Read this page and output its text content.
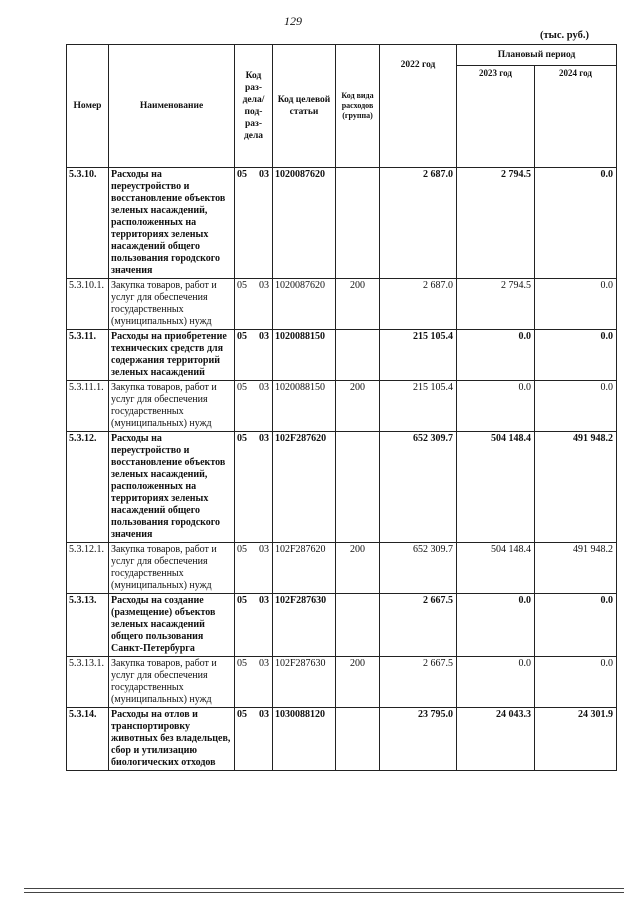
129
(тыс. руб.)
Номер	Наименование	Код раз-дела/ под-раз-дела	Код целевой статьи	Код вида расходов (группа)	2022 год	Плановый период	
						2023 год	2024 год
5.3.10.	Расходы на переустройство и восстановление объектов зеленых насаждений, расположенных на территориях зеленых насаждений общего пользования городского значения	05 03	1020087620		2 687.0	2 794.5	0.0
5.3.10.1.	Закупка товаров, работ и услуг для обеспечения государственных (муниципальных) нужд	05 03	1020087620	200	2 687.0	2 794.5	0.0
5.3.11.	Расходы на приобретение технических средств для содержания территорий зеленых насаждений	05 03	1020088150		215 105.4	0.0	0.0
5.3.11.1.	Закупка товаров, работ и услуг для обеспечения государственных (муниципальных) нужд	05 03	1020088150	200	215 105.4	0.0	0.0
5.3.12.	Расходы на переустройство и восстановление объектов зеленых насаждений, расположенных на территориях зеленых насаждений общего пользования городского значения	05 03	102F287620		652 309.7	504 148.4	491 948.2
5.3.12.1.	Закупка товаров, работ и услуг для обеспечения государственных (муниципальных) нужд	05 03	102F287620	200	652 309.7	504 148.4	491 948.2
5.3.13.	Расходы на создание (размещение) объектов зеленых насаждений общего пользования Санкт-Петербурга	05 03	102F287630		2 667.5	0.0	0.0
5.3.13.1.	Закупка товаров, работ и услуг для обеспечения государственных (муниципальных) нужд	05 03	102F287630	200	2 667.5	0.0	0.0
5.3.14.	Расходы на отлов и транспортировку животных без владельцев, сбор и утилизацию биологических отходов	05 03	1030088120		23 795.0	24 043.3	24 301.9
